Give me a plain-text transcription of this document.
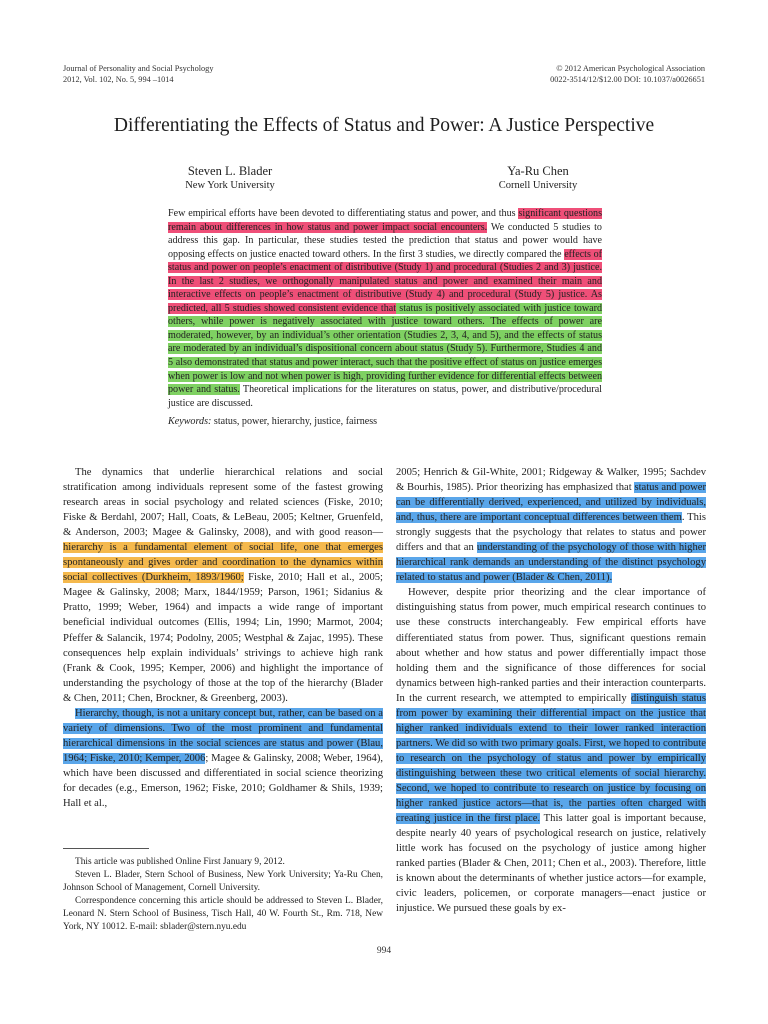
Journal of Personality and Social Psychology
2012, Vol. 102, No. 5, 994 –1014
© 2012 American Psychological Association
0022-3514/12/$12.00 DOI: 10.1037/a0026651
Differentiating the Effects of Status and Power: A Justice Perspective
Steven L. Blader
New York University
Ya-Ru Chen
Cornell University
Few empirical efforts have been devoted to differentiating status and power, and thus significant questions remain about differences in how status and power impact social encounters. We conducted 5 studies to address this gap. In particular, these studies tested the prediction that status and power would have opposing effects on justice enacted toward others. In the first 3 studies, we directly compared the effects of status and power on people’s enactment of distributive (Study 1) and procedural (Studies 2 and 3) justice. In the last 2 studies, we orthogonally manipulated status and power and examined their main and interactive effects on people’s enactment of distributive (Study 4) and procedural (Study 5) justice. As predicted, all 5 studies showed consistent evidence that status is positively associated with justice toward others, while power is negatively associated with justice toward others. The effects of power are moderated, however, by an individual’s other orientation (Studies 2, 3, 4, and 5), and the effects of status are moderated by an individual’s dispositional concern about status (Study 5). Furthermore, Studies 4 and 5 also demonstrated that status and power interact, such that the positive effect of status on justice emerges when power is low and not when power is high, providing further evidence for differential effects between power and status. Theoretical implications for the literatures on status, power, and distributive/procedural justice are discussed.
Keywords: status, power, hierarchy, justice, fairness

The dynamics that underlie hierarchical relations and social stratification among individuals represent some of the fastest growing research areas in social psychology and related sciences (Fiske, 2010; Fiske & Berdahl, 2007; Hall, Coats, & LeBeau, 2005; Keltner, Gruenfeld, & Anderson, 2003; Magee & Galinsky, 2008), and with good reason—hierarchy is a fundamental element of social life, one that emerges spontaneously and gives order and coordination to the dynamics within social collectives (Durkheim, 1893/1960; Fiske, 2010; Hall et al., 2005; Magee & Galinsky, 2008; Marx, 1844/1959; Parson, 1961; Sidanius & Pratto, 1999; Weber, 1964) and impacts a wide range of important beneficial individual outcomes (Ellis, 1994; Lin, 1990; Marmot, 2004; Pfeffer & Salancik, 1974; Podolny, 2005; Westphal & Zajac, 1995). These consequences help explain individuals’ strivings to achieve high rank (Frank & Cook, 1995; Kemper, 2006) and highlight the importance of understanding the psychology of those at the top of the hierarchy (Blader & Chen, 2011; Chen, Brockner, & Greenberg, 2003).

Hierarchy, though, is not a unitary concept but, rather, can be based on a variety of dimensions. Two of the most prominent and fundamental hierarchical dimensions in the social sciences are status and power (Blau, 1964; Fiske, 2010; Kemper, 2006; Magee & Galinsky, 2008; Weber, 1964), which have been discussed and differentiated in social science theorizing for decades (e.g., Emerson, 1962; Fiske, 2010; Goldhamer & Shils, 1939; Hall et al.,

2005; Henrich & Gil-White, 2001; Ridgeway & Walker, 1995; Sachdev & Bourhis, 1985). Prior theorizing has emphasized that status and power can be differentially derived, experienced, and utilized by individuals, and, thus, there are important conceptual differences between them. This strongly suggests that the psychology that relates to status and power differs and that an understanding of the psychology of those with higher hierarchical rank demands an understanding of the distinct psychology related to status and power (Blader & Chen, 2011).

However, despite prior theorizing and the clear importance of distinguishing status from power, much empirical research continues to use these constructs interchangeably. Few empirical efforts have differentiated status from power. Thus, significant questions remain about whether and how status and power differentially impact those holding them and the significance of those differences for social dynamics between high-ranked parties and their interaction counterparts. In the current research, we attempted to empirically distinguish status from power by examining their differential impact on the justice that higher ranked individuals extend to their lower ranked interaction partners. We did so with two primary goals. First, we hoped to contribute to research on the psychology of status and power by empirically distinguishing between these two critical elements of social hierarchy. Second, we hoped to contribute to research on justice by focusing on higher ranked justice actors—that is, the parties often charged with creating justice in the first place. This latter goal is important because, despite nearly 40 years of psychological research on justice, relatively little work has focused on the psychology of justice among higher ranked parties (Blader & Chen, 2011; Chen et al., 2003). Therefore, little is known about the determinants of whether justice actors—for example, civic leaders, policemen, or corporate managers—enact justice or injustice. We pursued these goals by ex-

This article was published Online First January 9, 2012.

Steven L. Blader, Stern School of Business, New York University; Ya-Ru Chen, Johnson School of Management, Cornell University.

Correspondence concerning this article should be addressed to Steven L. Blader, Leonard N. Stern School of Business, Tisch Hall, 40 W. Fourth St., Rm. 718, New York, NY 10012. E-mail: sblader@stern.nyu.edu

994
